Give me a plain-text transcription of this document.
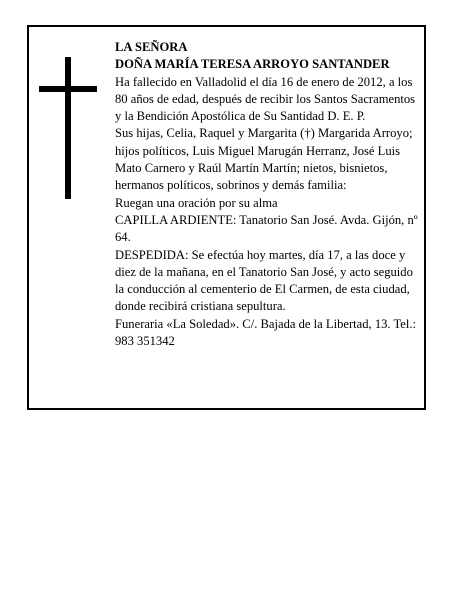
LA SEÑORA

DOÑA MARÍA TERESA ARROYO SANTANDER

Ha fallecido en Valladolid el día 16 de enero de 2012, a los 80 años de edad, después de recibir los Santos Sacramentos y la Bendición Apostólica de Su Santidad D. E. P.

Sus hijas, Celia, Raquel y Margarita (†) Margarida Arroyo; hijos políticos, Luis Miguel Marugán Herranz, José Luis Mato Carnero y Raúl Martín Martín; nietos, bisnietos, hermanos políticos, sobrinos y demás familia:

Ruegan una oración por su alma

CAPILLA ARDIENTE: Tanatorio San José. Avda. Gijón, nº 64.

DESPEDIDA: Se efectúa hoy martes, día 17, a las doce y diez de la mañana, en el Tanatorio San José, y acto seguido la conducción al cementerio de El Carmen, de esta ciudad, donde recibirá cristiana sepultura.

Funeraria «La Soledad». C/. Bajada de la Libertad, 13. Tel.: 983 351342
